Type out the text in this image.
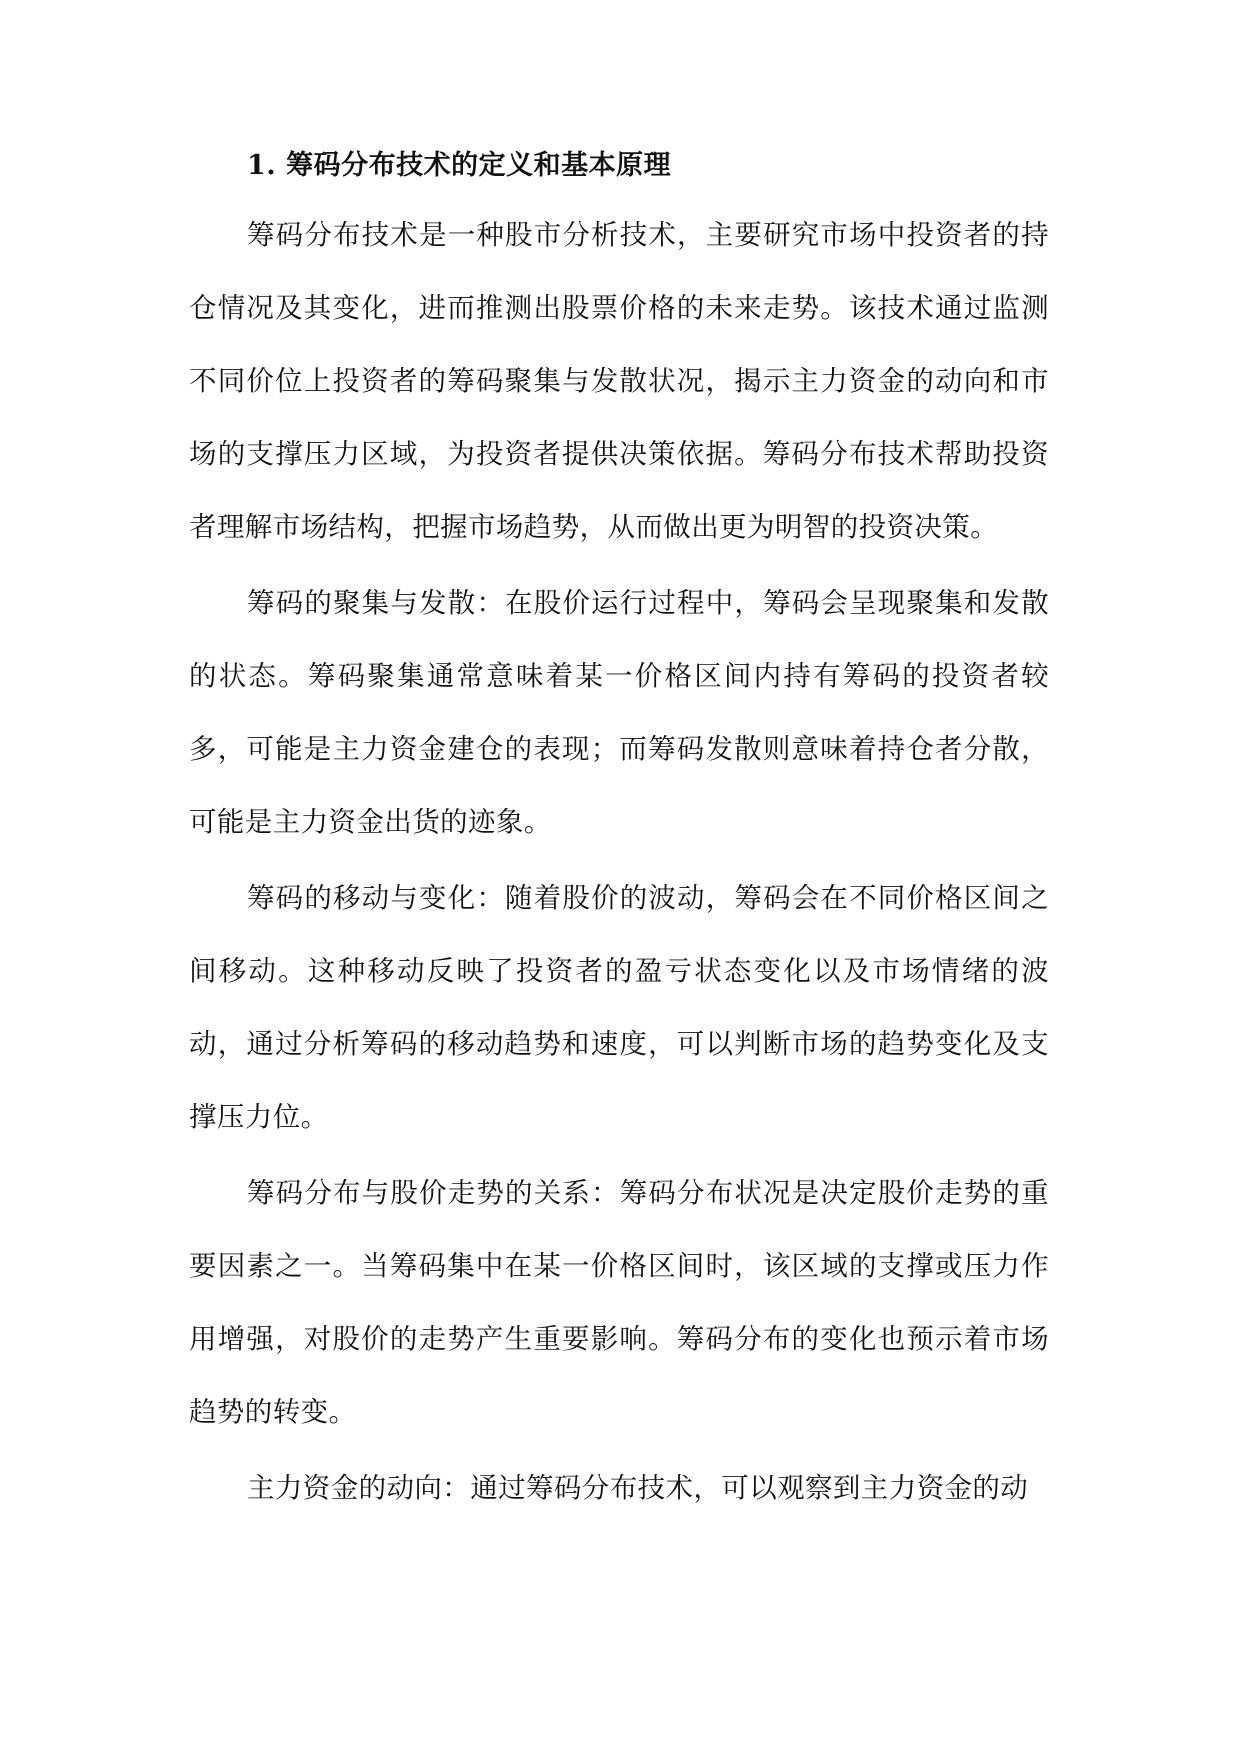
1. 筹码分布技术的定义和基本原理

筹码分布技术是一种股市分析技术，主要研究市场中投资者的持仓情况及其变化，进而推测出股票价格的未来走势。该技术通过监测不同价位上投资者的筹码聚集与发散状况，揭示主力资金的动向和市场的支撑压力区域，为投资者提供决策依据。筹码分布技术帮助投资者理解市场结构，把握市场趋势，从而做出更为明智的投资决策。

筹码的聚集与发散：在股价运行过程中，筹码会呈现聚集和发散的状态。筹码聚集通常意味着某一价格区间内持有筹码的投资者较多，可能是主力资金建仓的表现；而筹码发散则意味着持仓者分散，可能是主力资金出货的迹象。

筹码的移动与变化：随着股价的波动，筹码会在不同价格区间之间移动。这种移动反映了投资者的盈亏状态变化以及市场情绪的波动，通过分析筹码的移动趋势和速度，可以判断市场的趋势变化及支撑压力位。

筹码分布与股价走势的关系：筹码分布状况是决定股价走势的重要因素之一。当筹码集中在某一价格区间时，该区域的支撑或压力作用增强，对股价的走势产生重要影响。筹码分布的变化也预示着市场趋势的转变。

主力资金的动向：通过筹码分布技术，可以观察到主力资金的动
